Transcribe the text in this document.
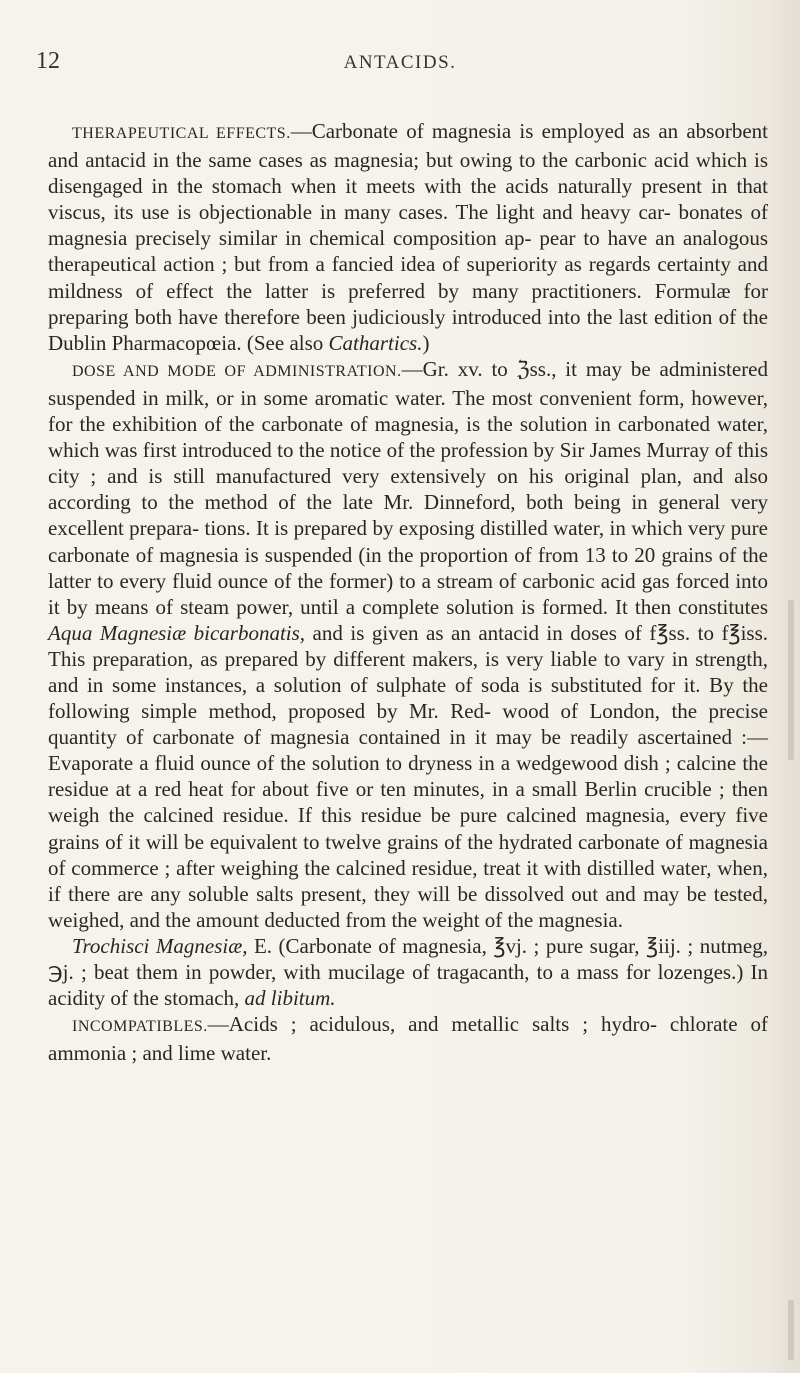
12	ANTACIDS.

THERAPEUTICAL EFFECTS.—Carbonate of magnesia is employed as an absorbent and antacid in the same cases as magnesia; but owing to the carbonic acid which is disengaged in the stomach when it meets with the acids naturally present in that viscus, its use is objectionable in many cases. The light and heavy car- bonates of magnesia precisely similar in chemical composition ap- pear to have an analogous therapeutical action ; but from a fancied idea of superiority as regards certainty and mildness of effect the latter is preferred by many practitioners. Formulæ for preparing both have therefore been judiciously introduced into the last edition of the Dublin Pharmacopœia. (See also Cathartics.)

DOSE AND MODE OF ADMINISTRATION.—Gr. xv. to ℨss., it may be administered suspended in milk, or in some aromatic water. The most convenient form, however, for the exhibition of the carbonate of magnesia, is the solution in carbonated water, which was first introduced to the notice of the profession by Sir James Murray of this city ; and is still manufactured very extensively on his original plan, and also according to the method of the late Mr. Dinneford, both being in general very excellent prepara- tions. It is prepared by exposing distilled water, in which very pure carbonate of magnesia is suspended (in the proportion of from 13 to 20 grains of the latter to every fluid ounce of the former) to a stream of carbonic acid gas forced into it by means of steam power, until a complete solution is formed. It then constitutes Aqua Magnesiæ bicarbonatis, and is given as an antacid in doses of f℥ss. to f℥iss. This preparation, as prepared by different makers, is very liable to vary in strength, and in some instances, a solution of sulphate of soda is substituted for it. By the following simple method, proposed by Mr. Red- wood of London, the precise quantity of carbonate of magnesia contained in it may be readily ascertained :—Evaporate a fluid ounce of the solution to dryness in a wedgewood dish ; calcine the residue at a red heat for about five or ten minutes, in a small Berlin crucible ; then weigh the calcined residue. If this residue be pure calcined magnesia, every five grains of it will be equivalent to twelve grains of the hydrated carbonate of magnesia of commerce ; after weighing the calcined residue, treat it with distilled water, when, if there are any soluble salts present, they will be dissolved out and may be tested, weighed, and the amount deducted from the weight of the magnesia.

Trochisci Magnesiæ, E. (Carbonate of magnesia, ℥vj. ; pure sugar, ℥iij. ; nutmeg, ℈j. ; beat them in powder, with mucilage of tragacanth, to a mass for lozenges.) In acidity of the stomach, ad libitum.

INCOMPATIBLES.—Acids ; acidulous, and metallic salts ; hydro- chlorate of ammonia ; and lime water.
